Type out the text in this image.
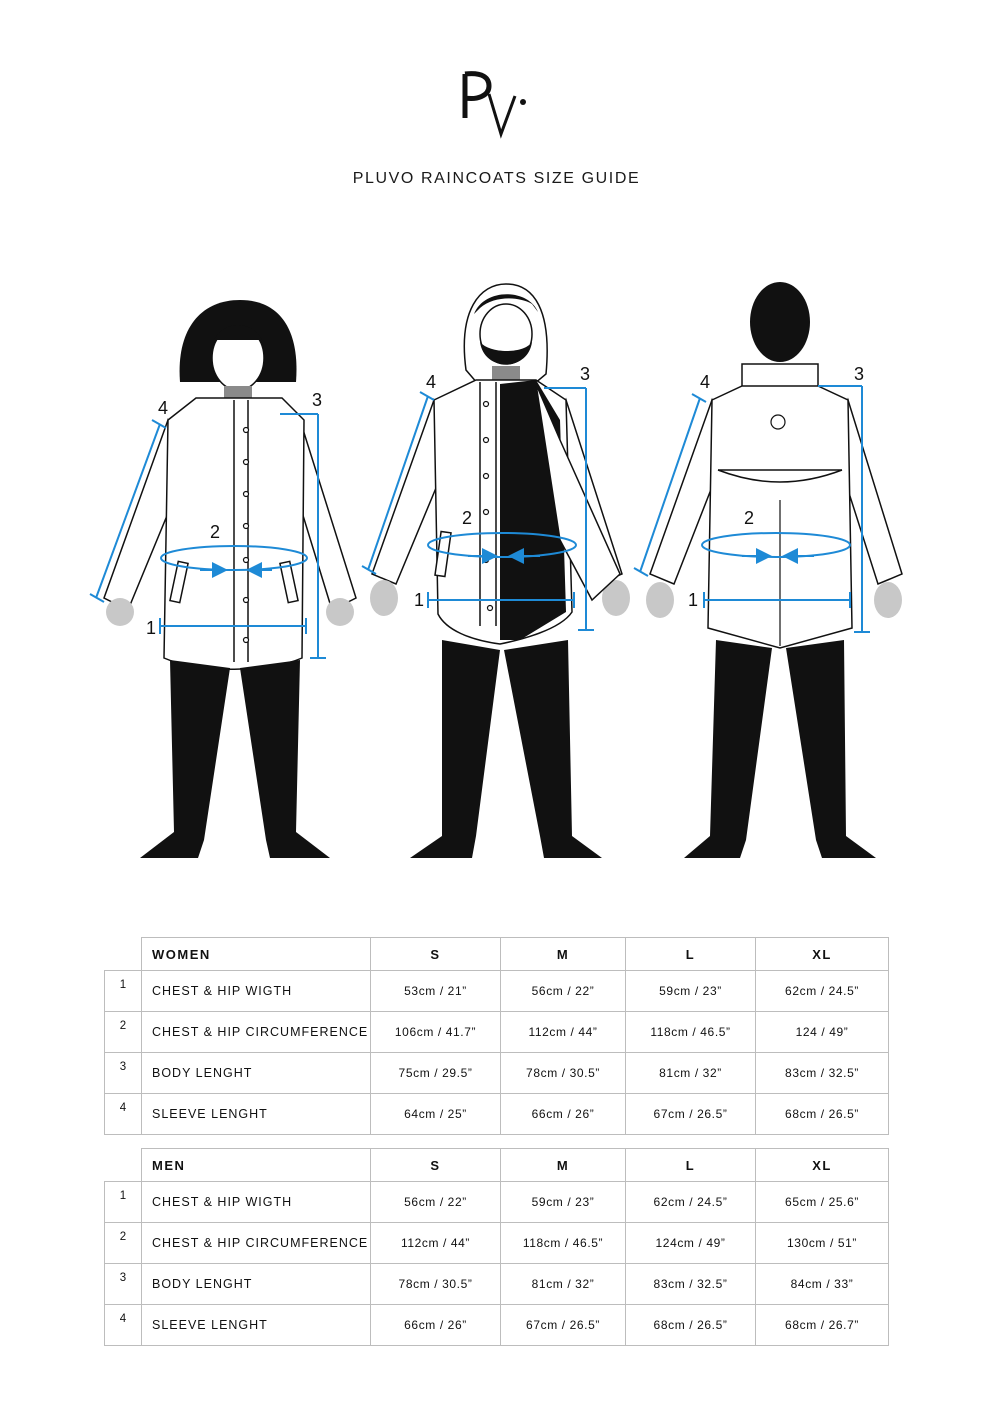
PLUVO RAINCOATS SIZE GUIDE
1
2
3
4
1
2
3
4
1
2
3
4
	WOMEN	S	M	L	XL
1	CHEST & HIP WIGTH	53cm / 21”	56cm / 22”	59cm / 23”	62cm / 24.5”
2	CHEST & HIP CIRCUMFERENCE	106cm / 41.7”	112cm / 44”	118cm / 46.5”	124 / 49”
3	BODY LENGHT	75cm / 29.5”	78cm / 30.5”	81cm / 32”	83cm / 32.5”
4	SLEEVE LENGHT	64cm / 25”	66cm / 26”	67cm / 26.5”	68cm / 26.5”
	MEN	S	M	L	XL
1	CHEST & HIP WIGTH	56cm / 22”	59cm / 23”	62cm / 24.5”	65cm / 25.6”
2	CHEST & HIP CIRCUMFERENCE	112cm / 44”	118cm / 46.5”	124cm / 49”	130cm / 51”
3	BODY LENGHT	78cm / 30.5”	81cm / 32”	83cm / 32.5”	84cm / 33”
4	SLEEVE LENGHT	66cm / 26”	67cm / 26.5”	68cm / 26.5”	68cm / 26.7”
